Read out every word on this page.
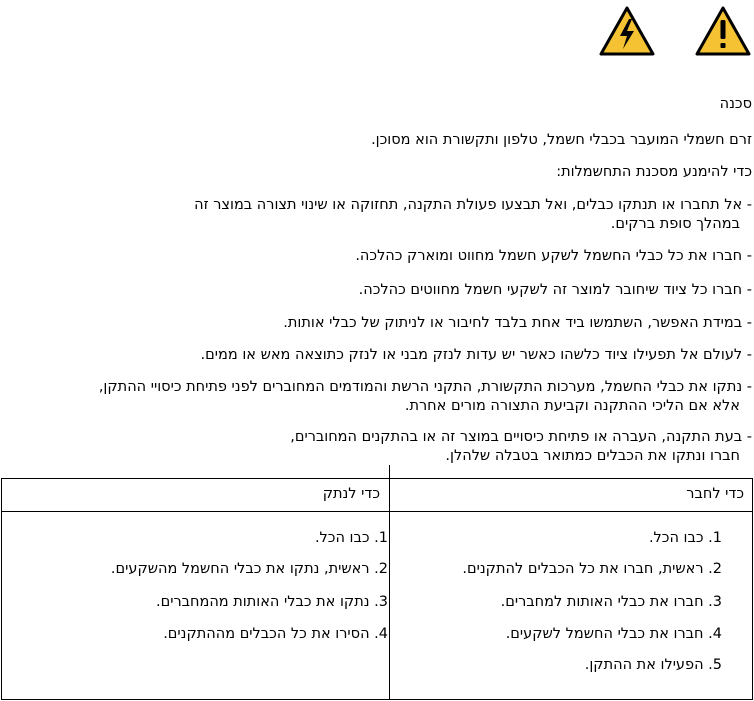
סכנה
זרם חשמלי המועבר בכבלי חשמל, טלפון ותקשורת הוא מסוכן.
כדי להימנע מסכנת התחשמלות:
- אל תחברו או תנתקו כבלים, ואל תבצעו פעולת התקנה, תחזוקה או שינוי תצורה במוצר זה
במהלך סופת ברקים.
- חברו את כל כבלי החשמל לשקע חשמל מחווט ומוארק כהלכה.
- חברו כל ציוד שיחובר למוצר זה לשקעי חשמל מחווטים כהלכה.
- במידת האפשר, השתמשו ביד אחת בלבד לחיבור או לניתוק של כבלי אותות.
- לעולם אל תפעילו ציוד כלשהו כאשר יש עדות לנזק מבני או לנזק כתוצאה מאש או ממים.
- נתקו את כבלי החשמל, מערכות התקשורת, התקני הרשת והמודמים המחוברים לפני פתיחת כיסויי ההתקן,
אלא אם הליכי ההתקנה וקביעת התצורה מורים אחרת.
- בעת התקנה, העברה או פתיחת כיסויים במוצר זה או בהתקנים המחוברים,
חברו ונתקו את הכבלים כמתואר בטבלה שלהלן.
כדי לחבר
כדי לנתק
1. כבו הכל.
2. ראשית, חברו את כל הכבלים להתקנים.
3. חברו את כבלי האותות למחברים.
4. חברו את כבלי החשמל לשקעים.
5. הפעילו את ההתקן.
1. כבו הכל.
2. ראשית, נתקו את כבלי החשמל מהשקעים.
3. נתקו את כבלי האותות מהמחברים.
4. הסירו את כל הכבלים מההתקנים.
